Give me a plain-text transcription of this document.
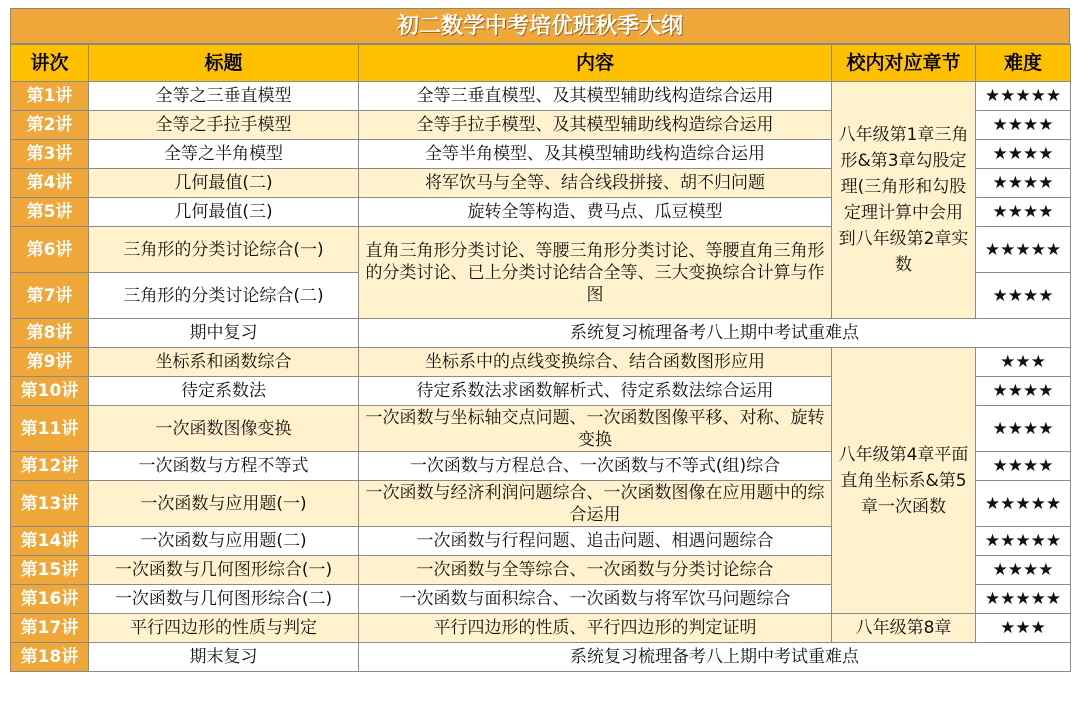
初二数学中考培优班秋季大纲
讲次	标题	内容	校内对应章节	难度
第1讲	全等之三垂直模型	全等三垂直模型、及其模型辅助线构造综合运用	八年级第1章三角形&第3章勾股定理(三角形和勾股定理计算中会用到八年级第2章实数	★★★★★
第2讲	全等之手拉手模型	全等手拉手模型、及其模型辅助线构造综合运用		★★★★
第3讲	全等之半角模型	全等半角模型、及其模型辅助线构造综合运用		★★★★
第4讲	几何最值(二)	将军饮马与全等、结合线段拼接、胡不归问题		★★★★
第5讲	几何最值(三)	旋转全等构造、费马点、瓜豆模型		★★★★
第6讲	三角形的分类讨论综合(一)	直角三角形分类讨论、等腰三角形分类讨论、等腰直角三角形的分类讨论、已上分类讨论结合全等、三大变换综合计算与作图		★★★★★
第7讲	三角形的分类讨论综合(二)			★★★★
第8讲	期中复习	系统复习梳理备考八上期中考试重难点		
第9讲	坐标系和函数综合	坐标系中的点线变换综合、结合函数图形应用	八年级第4章平面直角坐标系&第5章一次函数	★★★
第10讲	待定系数法	待定系数法求函数解析式、待定系数法综合运用		★★★★
第11讲	一次函数图像变换	一次函数与坐标轴交点问题、一次函数图像平移、对称、旋转变换		★★★★
第12讲	一次函数与方程不等式	一次函数与方程总合、一次函数与不等式(组)综合		★★★★
第13讲	一次函数与应用题(一)	一次函数与经济利润问题综合、一次函数图像在应用题中的综合运用		★★★★★
第14讲	一次函数与应用题(二)	一次函数与行程问题、追击问题、相遇问题综合		★★★★★
第15讲	一次函数与几何图形综合(一)	一次函数与全等综合、一次函数与分类讨论综合		★★★★
第16讲	一次函数与几何图形综合(二)	一次函数与面积综合、一次函数与将军饮马问题综合		★★★★★
第17讲	平行四边形的性质与判定	平行四边形的性质、平行四边形的判定证明	八年级第8章	★★★
第18讲	期末复习	系统复习梳理备考八上期中考试重难点		
